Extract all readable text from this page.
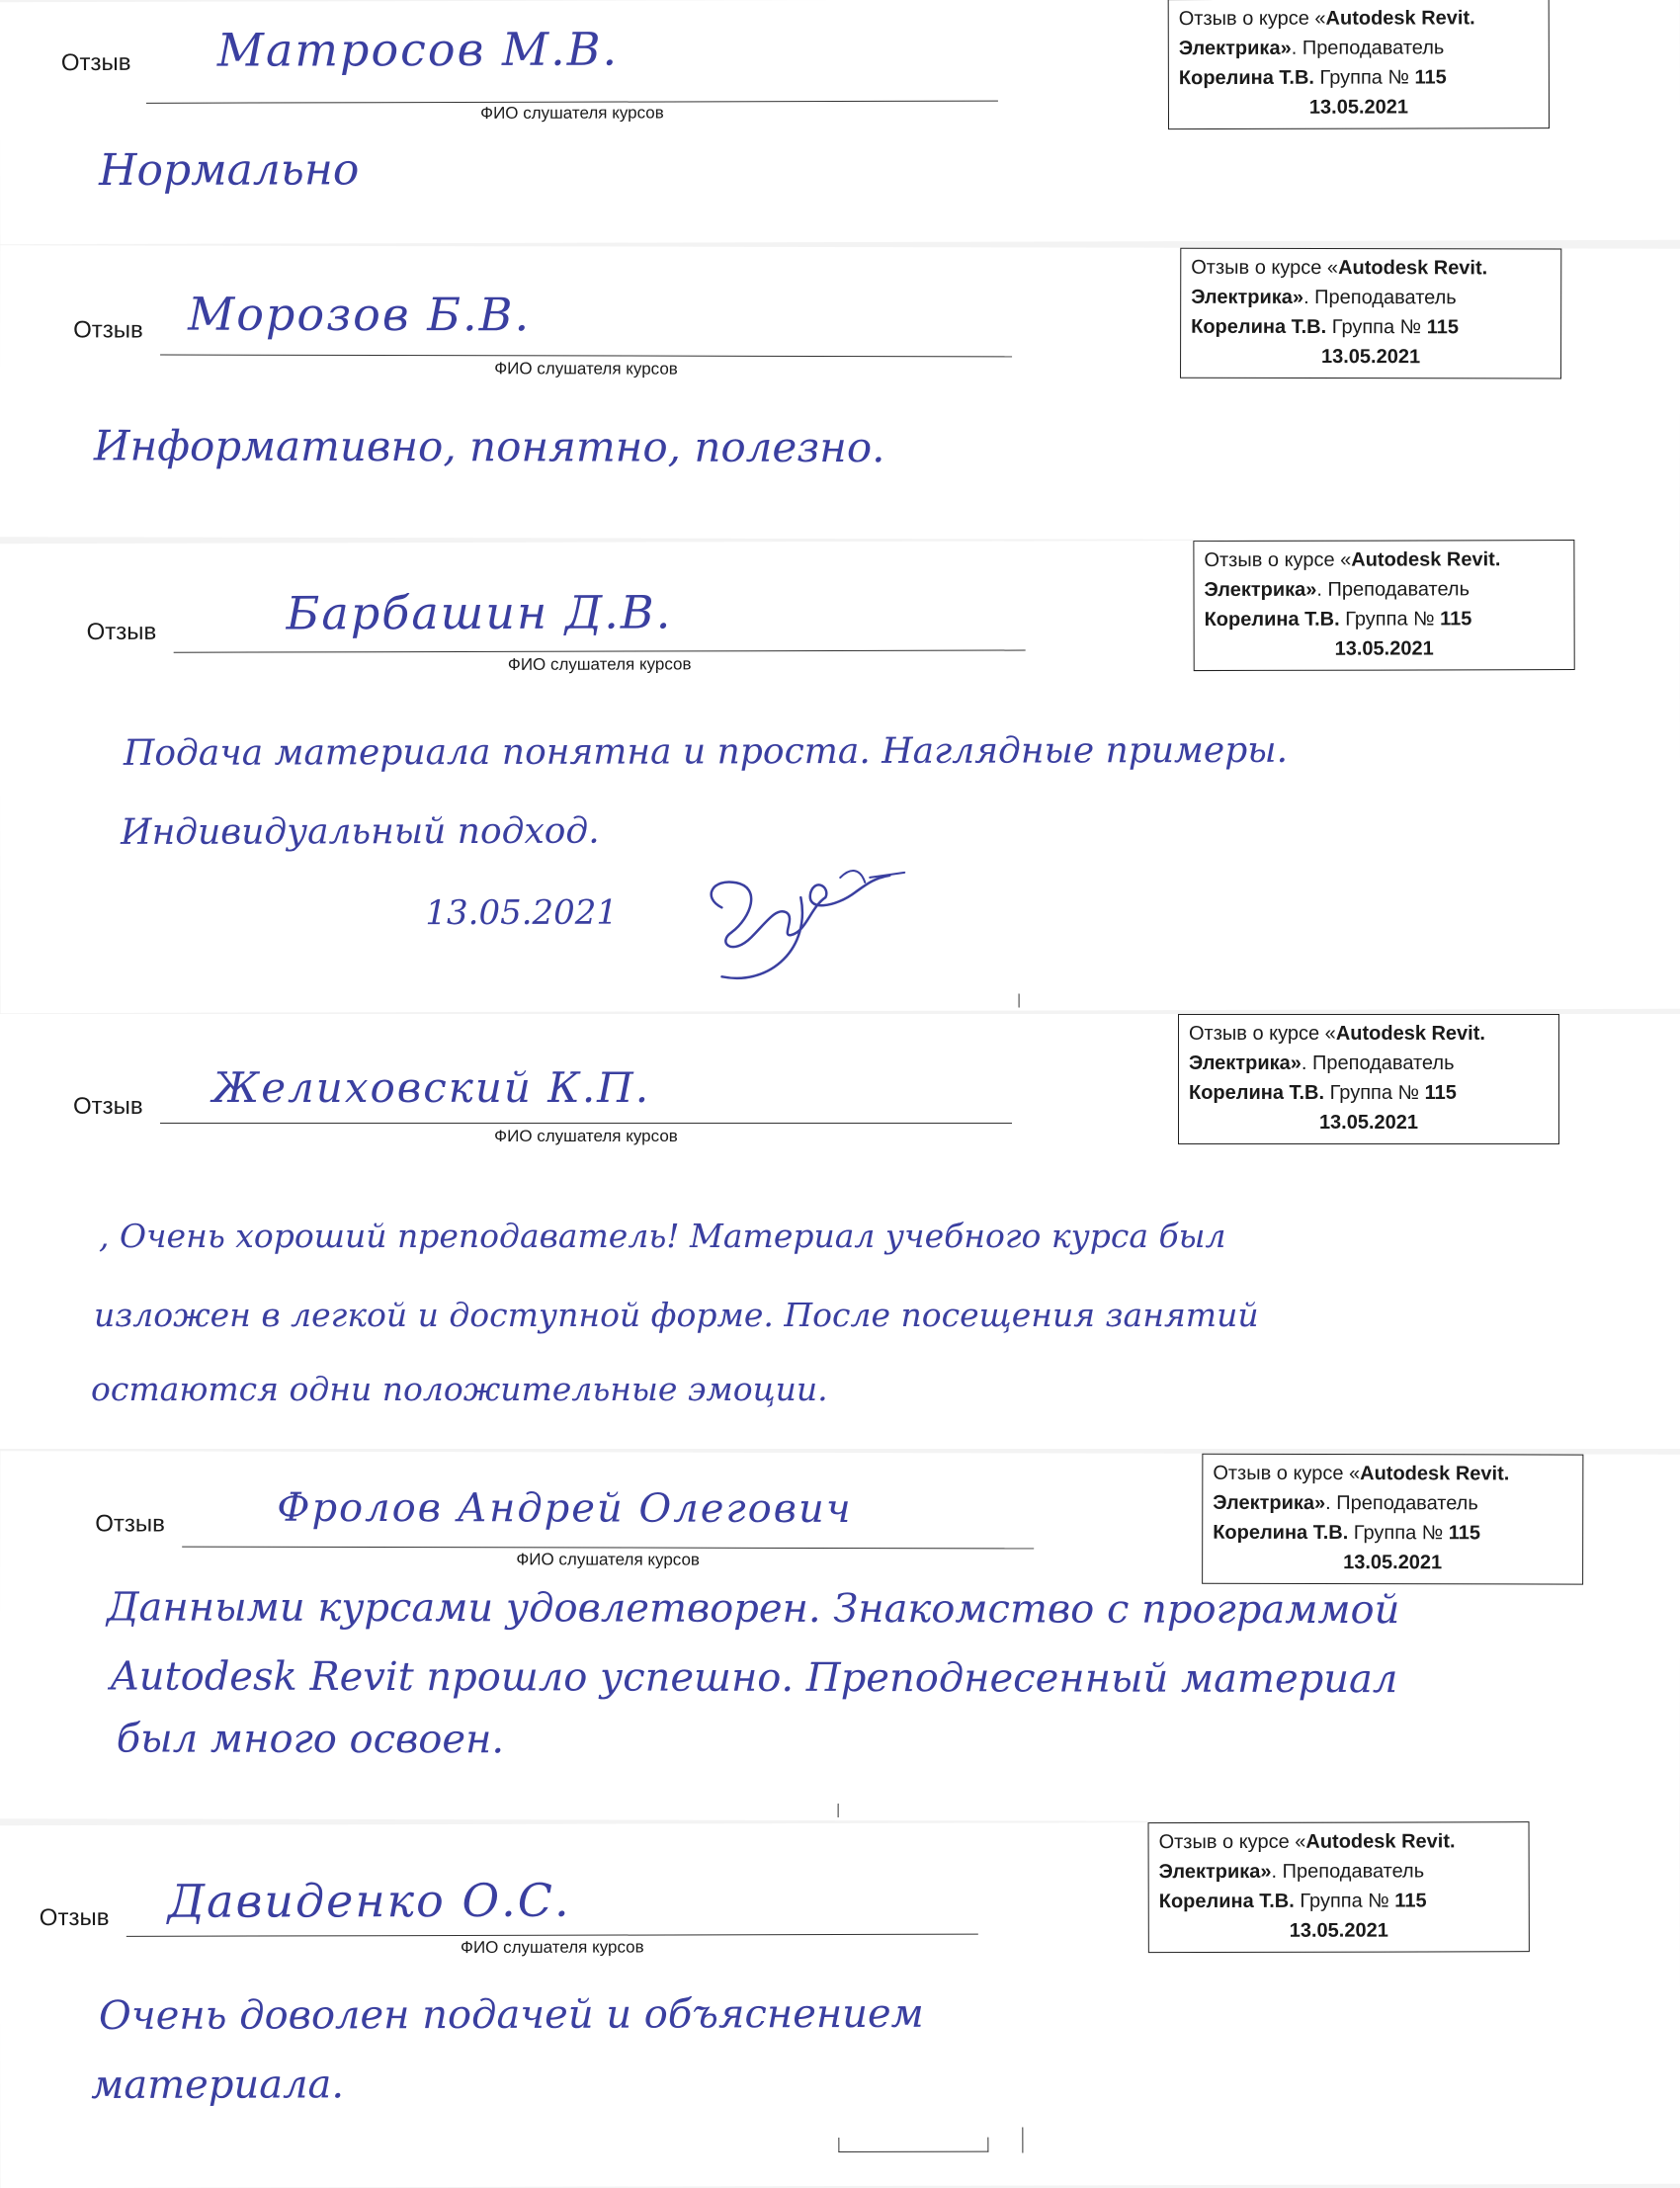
Отзыв
ФИО слушателя курсов
Матросов М.В.
Отзыв о курсе «Autodesk Revit.
Электрика». Преподаватель
Корелина Т.В. Группа № 115
13.05.2021
Нормально
Отзыв
ФИО слушателя курсов
Морозов Б.В.
Отзыв о курсе «Autodesk Revit.
Электрика». Преподаватель
Корелина Т.В. Группа № 115
13.05.2021
Информативно, понятно, полезно.
Отзыв
ФИО слушателя курсов
Барбашин Д.В.
Отзыв о курсе «Autodesk Revit.
Электрика». Преподаватель
Корелина Т.В. Группа № 115
13.05.2021
Подача материала понятна и проста. Наглядные примеры.
Индивидуальный подход.
13.05.2021
Отзыв
ФИО слушателя курсов
Желиховский К.П.
Отзыв о курсе «Autodesk Revit.
Электрика». Преподаватель
Корелина Т.В. Группа № 115
13.05.2021
, Очень хороший преподаватель! Материал учебного курса был
изложен в легкой и доступной форме. После посещения занятий
остаются одни положительные эмоции.
Отзыв
ФИО слушателя курсов
Фролов Андрей Олегович
Отзыв о курсе «Autodesk Revit.
Электрика». Преподаватель
Корелина Т.В. Группа № 115
13.05.2021
Данными курсами удовлетворен. Знакомство с программой
Autodesk Revit прошло успешно. Преподнесенный материал
был много освоен.
Отзыв
ФИО слушателя курсов
Давиденко О.С.
Отзыв о курсе «Autodesk Revit.
Электрика». Преподаватель
Корелина Т.В. Группа № 115
13.05.2021
Очень доволен подачей и объяснением
материала.
